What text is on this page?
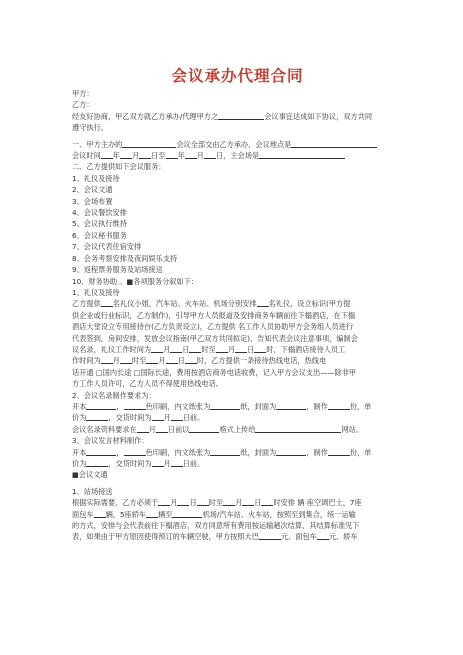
会议承办代理合同
甲方：
乙方：
经友好协商，甲乙双方就乙方承办/代理甲方之	会议事宜达成如下协议，双方共同
遵守执行。
一、甲方主办的	会议全部交由乙方承办，会议地点是
会议时间 年 月 日至 年 月 日，主会场是
二、乙方提供如下会议服务：
1、礼仪及接待
2、会议文通
3、会场布置
4、会议餐饮安排
5、会议执行维持
6、会议秘书服务
7、会议代表住宿安排
8、会务考察安排及夜间娱乐支持
9、返程票务服务及站场接送
10、财务协助 。■各项服务分叙如下：
1、礼仪及接待
乙方提供 名礼仪小姐，汽车站、火车站、机场分别安排 名礼仪，设立标识(甲方提
供企业或行业标识，乙方制作)，引导甲方人员报道及安排商务车辆前往下榻酒店，在下榻
酒店大堂设立专用接待台(乙方负责设立)，乙方提供 名工作人员协助甲方会务组人员进行
代表签到，房间安排，发放会议指南(甲乙双方共同拟定)，告知代表会议注意事项，编制会
议名录，礼仪工作时间为 月 日 时至 月 日 时，下榻酒店接待人员工
作时间为 月 时至 月 日 时，乙方提供一条接待热线电话，热线电
话开通 □国内长途 □国际长途，费用按酒店商务电话收费，记入甲方会议支出——除非甲
方工作人员许可，乙方人员不得使用热线电话。
2、会议名录制作要求为：
开本	，	色印刷，内文纸张为	纸，封面为	，制作	份，单
价为	，交货时间为 月 日前。
会议名录资料要求在 月 日前以	格式上传给	网站。
3、会议发言材料制作：
开本	，	色印刷，内文纸张为	纸，封面为	，制作	份，单
价为	，交货时间为 月 日前。
■会议文通
1、站场接送
根据实际需要，乙方必须于 月 日 时至 月 日 时安排 辆 座空调巴士，7座
面包车 辆，5座轿车 辆至	机场/汽车站、火车站，按照至到集合，统一运输
的方式，安排与会代表前往下榻酒店，双方同意所有费用按运输趟次结算，其结算标准见下
表，如果由于甲方原因使得预订的车辆空驶，甲方按照大巴	元、面包车 元、轿车
